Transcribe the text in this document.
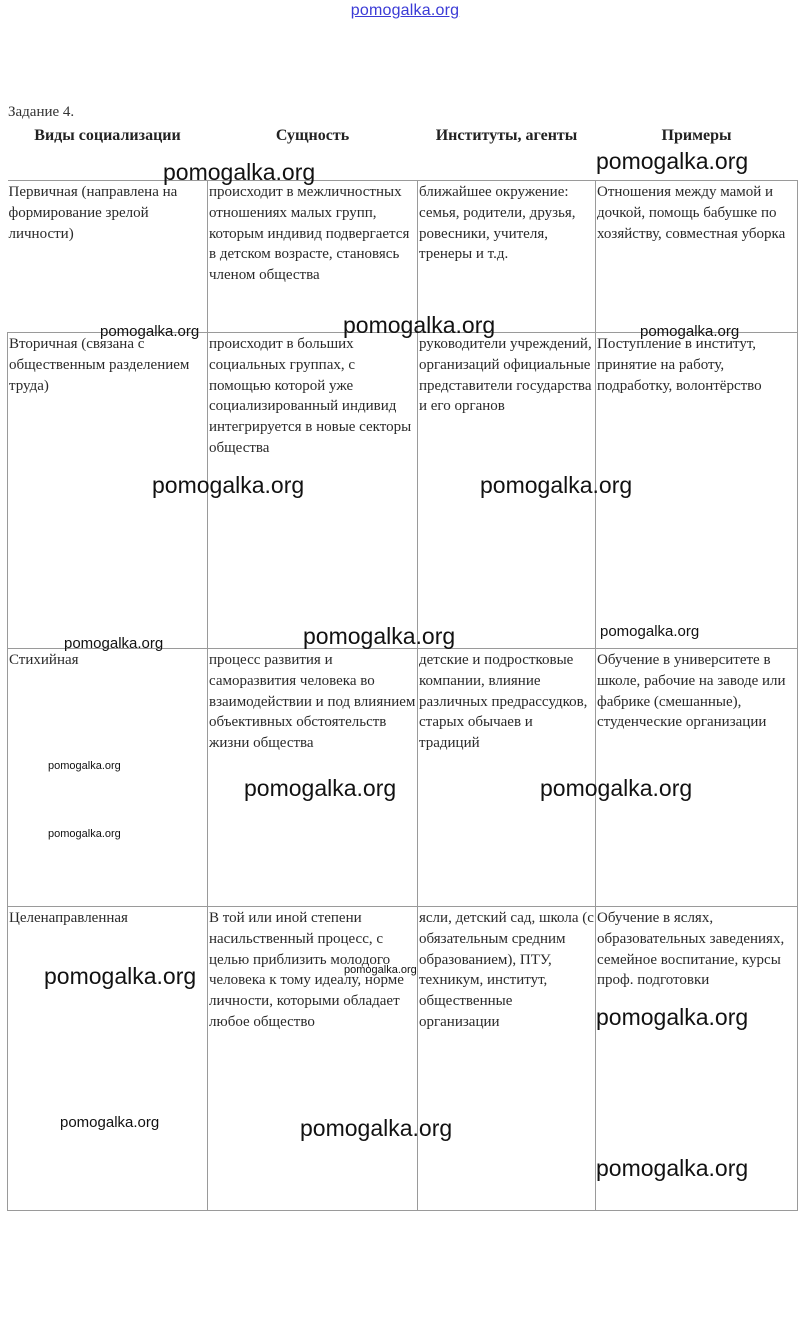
pomogalka.org
Задание 4.
Виды социализации	Сущность	Институты, агенты	Примеры
Первичная (направлена на формирование зрелой личности)	происходит в межличностных отношениях малых групп, которым индивид подвергается в детском возрасте, становясь членом общества	ближайшее окружение: семья, родители, друзья, ровесники, учителя, тренеры и т.д.	Отношения между мамой и дочкой, помощь бабушке по хозяйству, совместная уборка
Вторичная (связана с общественным разделением труда)	происходит в больших социальных группах, с помощью которой уже социализированный индивид интегрируется в новые секторы общества	руководители учреждений, организаций официальные представители государства и его органов	Поступление в институт, принятие на работу, подработку, волонтёрство
Стихийная	процесс развития и саморазвития человека во взаимодействии и под влиянием объективных обстоятельств жизни общества	детские и подростковые компании, влияние различных предрассудков, старых обычаев и традиций	Обучение в университете в школе, рабочие на заводе или фабрике (смешанные), студенческие организации
Целенаправленная	В той или иной степени насильственный процесс, с целью приблизить молодого человека к тому идеалу, норме личности, которыми обладает любое общество	ясли, детский сад, школа (с обязательным средним образованием), ПТУ, техникум, институт, общественные организации	Обучение в яслях, образовательных заведениях, семейное воспитание, курсы проф. подготовки
pomogalka.org	pomogalka.org
pomogalka.org	pomogalka.org	pomogalka.org
pomogalka.org	pomogalka.org
pomogalka.org	pomogalka.org	pomogalka.org
pomogalka.org
pomogalka.org	pomogalka.org
pomogalka.org
pomogalka.org	pomogalka.org
pomogalka.org
pomogalka.org	pomogalka.org
pomogalka.org
